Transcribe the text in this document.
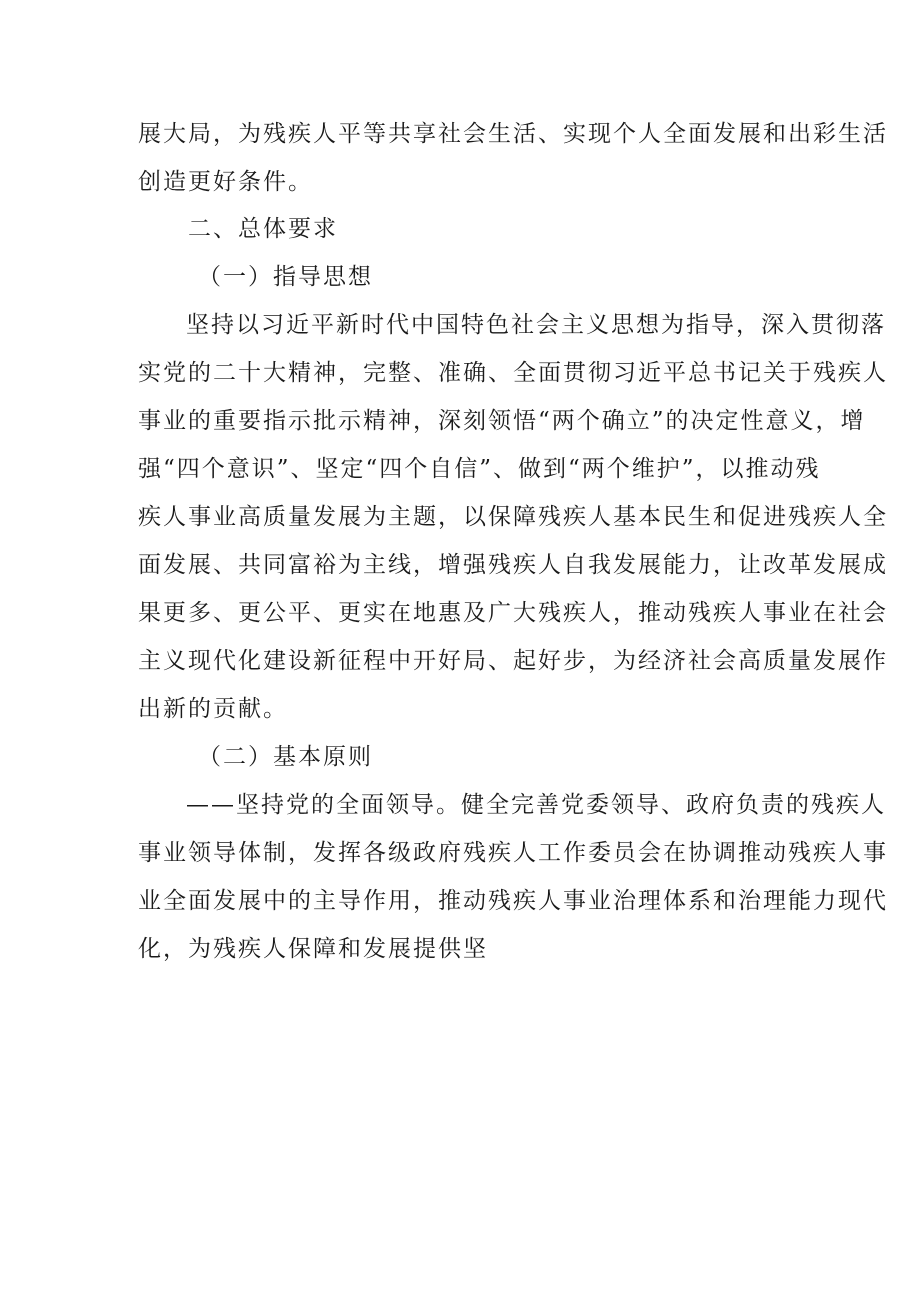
展大局，为残疾人平等共享社会生活、实现个人全面发展和出彩生活
创造更好条件。
二、总体要求
（一）指导思想
坚持以习近平新时代中国特色社会主义思想为指导，深入贯彻落
实党的二十大精神，完整、准确、全面贯彻习近平总书记关于残疾人
事业的重要指示批示精神，深刻领悟“两个确立”的决定性意义，增
强“四个意识”、坚定“四个自信”、做到“两个维护”，以推动残
疾人事业高质量发展为主题，以保障残疾人基本民生和促进残疾人全
面发展、共同富裕为主线，增强残疾人自我发展能力，让改革发展成
果更多、更公平、更实在地惠及广大残疾人，推动残疾人事业在社会
主义现代化建设新征程中开好局、起好步，为经济社会高质量发展作
出新的贡献。
（二）基本原则
——坚持党的全面领导。健全完善党委领导、政府负责的残疾人
事业领导体制，发挥各级政府残疾人工作委员会在协调推动残疾人事
业全面发展中的主导作用，推动残疾人事业治理体系和治理能力现代
化，为残疾人保障和发展提供坚
